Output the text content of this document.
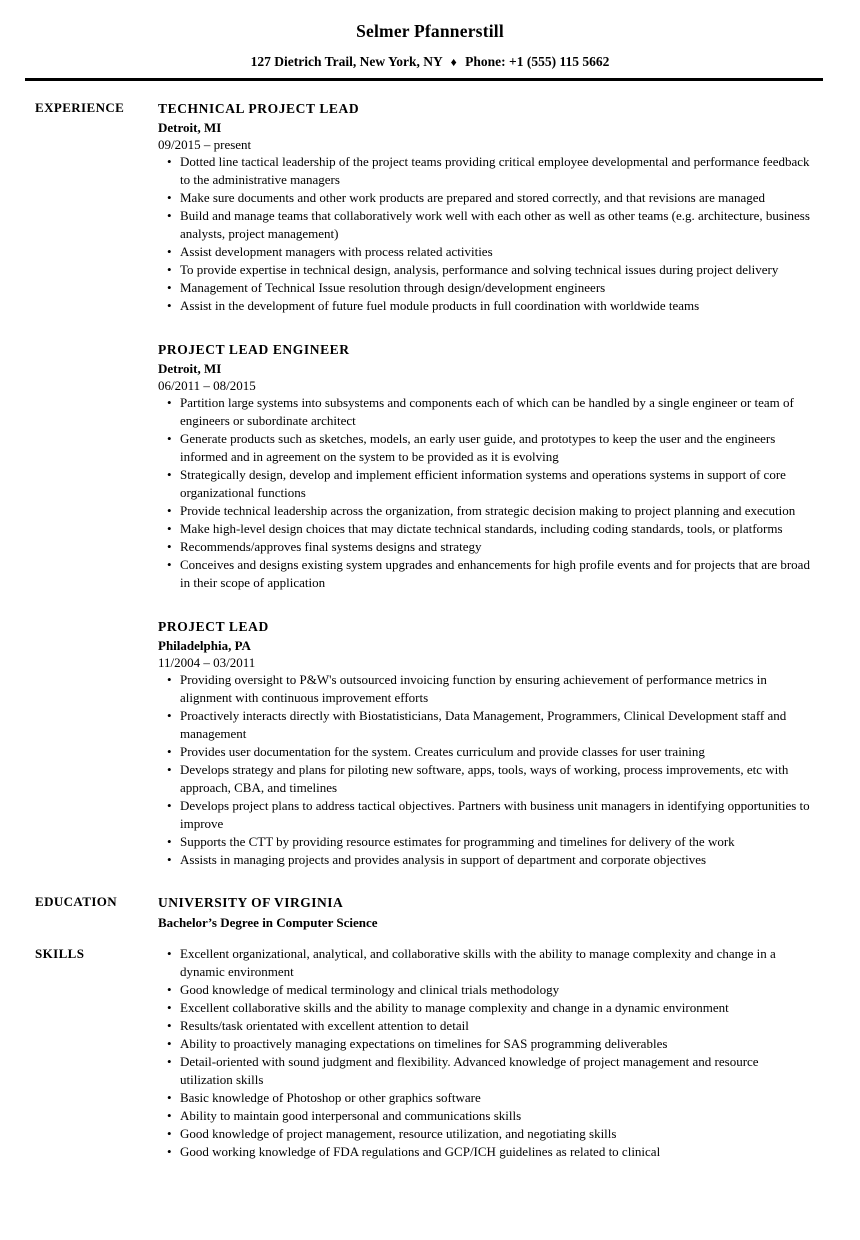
Selmer Pfannerstill
127 Dietrich Trail, New York, NY ♦ Phone: +1 (555) 115 5662
EXPERIENCE	TECHNICAL PROJECT LEAD
Detroit, MI
09/2015 – present
• Dotted line tactical leadership of the project teams providing critical employee developmental and performance feedback to the administrative managers
• Make sure documents and other work products are prepared and stored correctly, and that revisions are managed
• Build and manage teams that collaboratively work well with each other as well as other teams (e.g. architecture, business analysts, project management)
• Assist development managers with process related activities
• To provide expertise in technical design, analysis, performance and solving technical issues during project delivery
• Management of Technical Issue resolution through design/development engineers
• Assist in the development of future fuel module products in full coordination with worldwide teams
PROJECT LEAD ENGINEER
Detroit, MI
06/2011 – 08/2015
• Partition large systems into subsystems and components each of which can be handled by a single engineer or team of engineers or subordinate architect
• Generate products such as sketches, models, an early user guide, and prototypes to keep the user and the engineers informed and in agreement on the system to be provided as it is evolving
• Strategically design, develop and implement efficient information systems and operations systems in support of core organizational functions
• Provide technical leadership across the organization, from strategic decision making to project planning and execution
• Make high-level design choices that may dictate technical standards, including coding standards, tools, or platforms
• Recommends/approves final systems designs and strategy
• Conceives and designs existing system upgrades and enhancements for high profile events and for projects that are broad in their scope of application
PROJECT LEAD
Philadelphia, PA
11/2004 – 03/2011
• Providing oversight to P&W's outsourced invoicing function by ensuring achievement of performance metrics in alignment with continuous improvement efforts
• Proactively interacts directly with Biostatisticians, Data Management, Programmers, Clinical Development staff and management
• Provides user documentation for the system. Creates curriculum and provide classes for user training
• Develops strategy and plans for piloting new software, apps, tools, ways of working, process improvements, etc with approach, CBA, and timelines
• Develops project plans to address tactical objectives. Partners with business unit managers in identifying opportunities to improve
• Supports the CTT by providing resource estimates for programming and timelines for delivery of the work
• Assists in managing projects and provides analysis in support of department and corporate objectives
EDUCATION	UNIVERSITY OF VIRGINIA
Bachelor’s Degree in Computer Science
SKILLS	• Excellent organizational, analytical, and collaborative skills with the ability to manage complexity and change in a dynamic environment
• Good knowledge of medical terminology and clinical trials methodology
• Excellent collaborative skills and the ability to manage complexity and change in a dynamic environment
• Results/task orientated with excellent attention to detail
• Ability to proactively managing expectations on timelines for SAS programming deliverables
• Detail-oriented with sound judgment and flexibility. Advanced knowledge of project management and resource utilization skills
• Basic knowledge of Photoshop or other graphics software
• Ability to maintain good interpersonal and communications skills
• Good knowledge of project management, resource utilization, and negotiating skills
• Good working knowledge of FDA regulations and GCP/ICH guidelines as related to clinical
